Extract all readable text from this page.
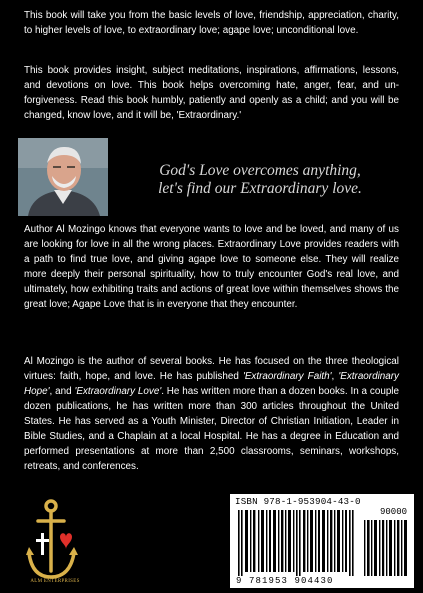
This book will take you from the basic levels of love, friendship, appreciation, charity, to higher levels of love, to extraordinary love; agape love; unconditional love.

This book provides insight, subject meditations, inspirations, affirmations, lessons, and devotions on love. This book helps overcoming hate, anger, fear, and un-forgiveness. Read this book humbly, patiently and openly as a child; and you will be changed, know love, and it will be, 'Extraordinary.'

God's Love overcomes anything,
let's find our Extraordinary love.

Author Al Mozingo knows that everyone wants to love and be loved, and many of us are looking for love in all the wrong places. Extraordinary Love provides readers with a path to find true love, and giving agape love to someone else. They will realize more deeply their personal spirituality, how to truly encounter God's real love, and ultimately, how exhibiting traits and actions of great love within themselves shows the great love; Agape Love that is in everyone that they encounter.

Al Mozingo is the author of several books. He has focused on the three theological virtues: faith, hope, and love. He has published 'Extraordinary Faith', 'Extraordinary Hope', and 'Extraordinary Love'. He has written more than a dozen books. In a couple dozen publications, he has written more than 300 articles throughout the United States. He has served as a Youth Minister, Director of Christian Initiation, Leader in Bible Studies, and a Chaplain at a local Hospital. He has a degree in Education and performed presentations at more than 2,500 classrooms, seminars, workshops, retreats, and conferences.

ALM ENTERPRISES
ISBN 978-1-953904-43-0
90000
9 781953 904430
